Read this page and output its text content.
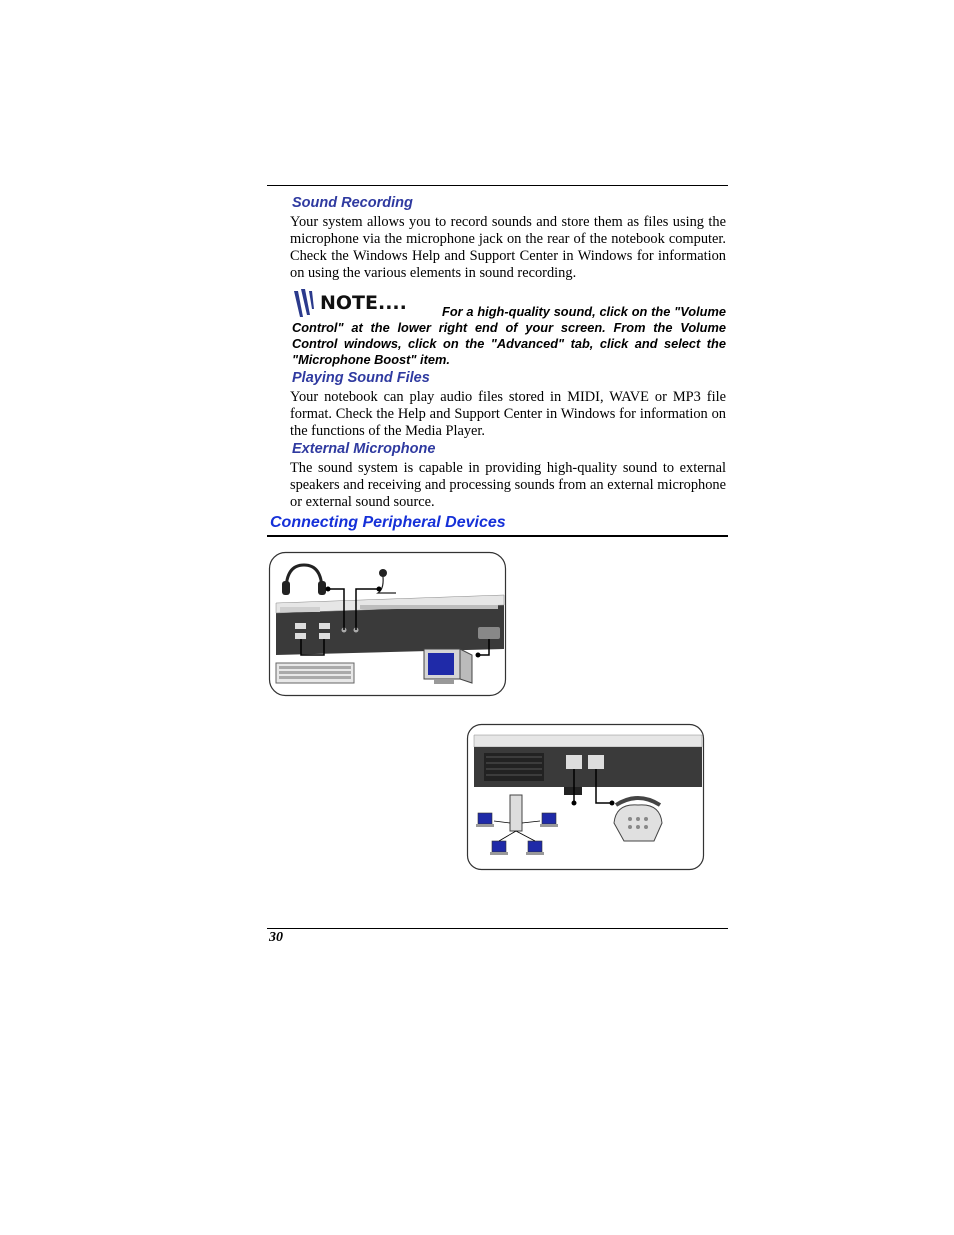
Sound Recording

Your system allows you to record sounds and store them as files using the microphone via the microphone jack on the rear of the notebook computer. Check the Windows Help and Support Center in Windows for information on using the various elements in sound recording.

NOTE....	For a high-quality sound, click on the "Volume Control" at the lower right end of your screen. From the Volume Control windows, click on the "Advanced" tab, click and select the "Microphone Boost" item.

Playing Sound Files

Your notebook can play audio files stored in MIDI, WAVE or MP3 file format. Check the Help and Support Center in Windows for information on the functions of the Media Player.

External Microphone

The sound system is capable in providing high-quality sound to external speakers and receiving and processing sounds from an external microphone or external sound source.

Connecting Peripheral Devices

30
